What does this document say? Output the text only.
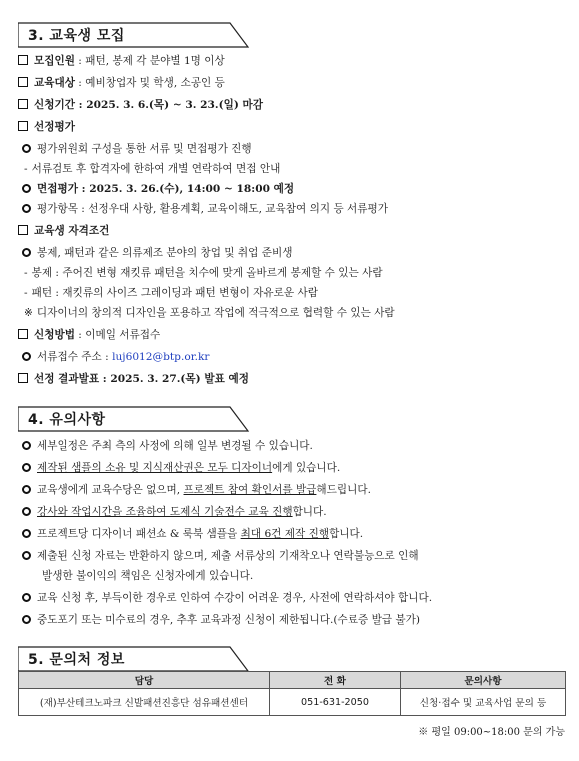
3. 교육생 모집
모집인원 : 패턴, 봉제 각 분야별 1명 이상
교육대상 : 예비창업자 및 학생, 소공인 등
신청기간 : 2025. 3. 6.(목) ~ 3. 23.(일) 마감
선정평가
평가위원회 구성을 통한 서류 및 면접평가 진행
- 서류검토 후 합격자에 한하여 개별 연락하여 면접 안내
면접평가 : 2025. 3. 26.(수), 14:00 ~ 18:00 예정
평가항목 : 선정우대 사항, 활용계획, 교육이해도, 교육참여 의지 등 서류평가
교육생 자격조건
봉제, 패턴과 같은 의류제조 분야의 창업 및 취업 준비생
- 봉제 : 주어진 변형 재킷류 패턴을 치수에 맞게 올바르게 봉제할 수 있는 사람
- 패턴 : 재킷류의 사이즈 그레이딩과 패턴 변형이 자유로운 사람
※ 디자이너의 창의적 디자인을 포용하고 작업에 적극적으로 협력할 수 있는 사람
신청방법 : 이메일 서류접수
서류접수 주소 : luj6012@btp.or.kr
선정 결과발표 : 2025. 3. 27.(목) 발표 예정
4. 유의사항
세부일정은 주최 측의 사정에 의해 일부 변경될 수 있습니다.
제작된 샘플의 소유 및 지식재산권은 모두 디자이너에게 있습니다.
교육생에게 교육수당은 없으며, 프로젝트 참여 확인서를 발급해드립니다.
강사와 작업시간을 조율하여 도제식 기술전수 교육 진행합니다.
프로젝트당 디자이너 패션쇼 & 룩북 샘플을 최대 6건 제작 진행합니다.
제출된 신청 자료는 반환하지 않으며, 제출 서류상의 기재착오나 연락불능으로 인해
발생한 불이익의 책임은 신청자에게 있습니다.
교육 신청 후, 부득이한 경우로 인하여 수강이 어려운 경우, 사전에 연락하셔야 합니다.
중도포기 또는 미수료의 경우, 추후 교육과정 신청이 제한됩니다.(수료증 발급 불가)
5. 문의처 정보
담당	전 화	문의사항
(재)부산테크노파크 신발패션진흥단 섬유패션센터	051-631-2050	신청·접수 및 교육사업 문의 등
※ 평일 09:00~18:00 문의 가능
